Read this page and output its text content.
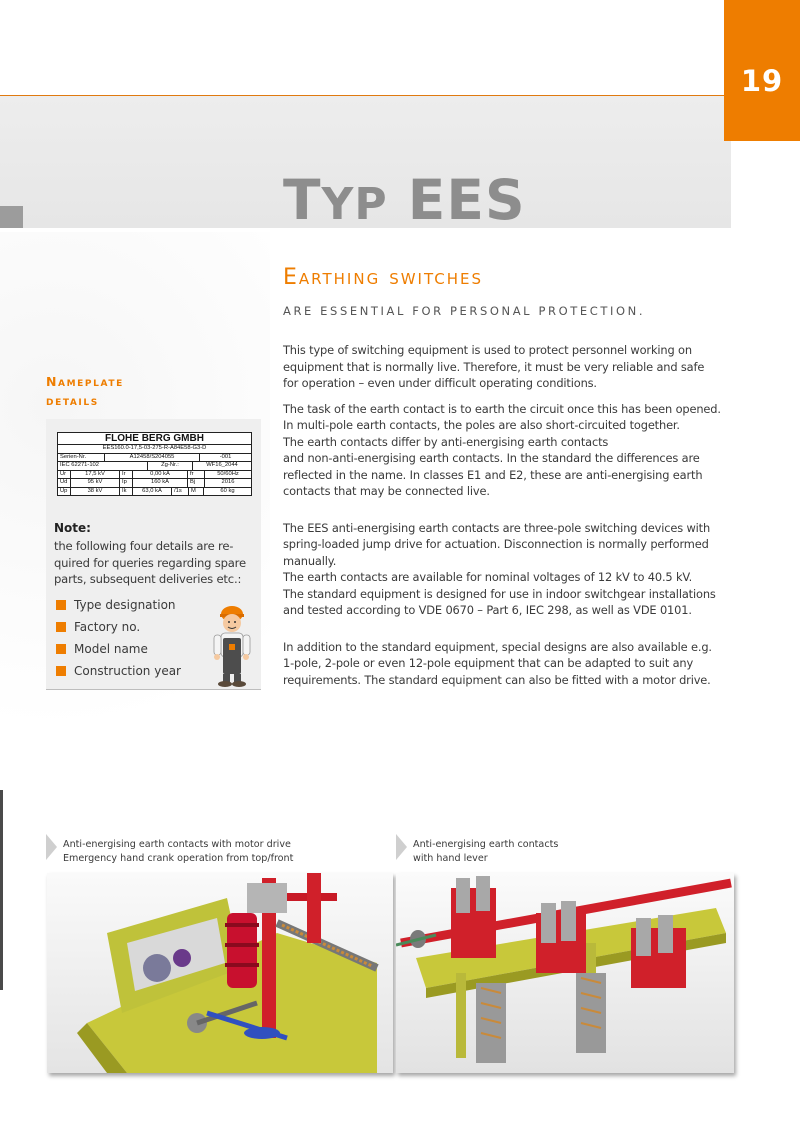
19
TYP EES
Earthing switches

ARE ESSENTIAL FOR PERSONAL PROTECTION.

This type of switching equipment is used to protect personnel working on
equipment that is normally live. Therefore, it must be very reliable and safe
for operation – even under difficult operating conditions.

The task of the earth contact is to earth the circuit once this has been opened.
In multi-pole earth contacts, the poles are also short-circuited together.
The earth contacts differ by anti-energising earth contacts
and non-anti-energising earth contacts. In the standard the differences are
reflected in the name. In classes E1 and E2, these are anti-energising earth
contacts that may be connected live.

The EES anti-energising earth contacts are three-pole switching devices with
spring-loaded jump drive for actuation. Disconnection is normally performed
manually.
The earth contacts are available for nominal voltages of 12 kV to 40.5 kV.
The standard equipment is designed for use in indoor switchgear installations
and tested according to VDE 0670 – Part 6, IEC 298, as well as VDE 0101.

In addition to the standard equipment, special designs are also available e.g.
1-pole, 2-pole or even 12-pole equipment that can be adapted to suit any
requirements. The standard equipment can also be fitted with a motor drive.

Nameplate
details
FLOHE BERG GMBH
EES160.0-17,5-03-275-R-A84E58-G3-D
Serien-Nr.	A12458/S204055	-001
IEC 62271-102	Zg-Nr.:	WF16_2044
Ur	17,5 kV	Ir	0,00 kA	fr	50/60Hz
Ud	95 kV	Ip	160 kA	Bj	2016
Up	38 kV	Ik	63,0 kA	/1s	M	60 kg

Note:

the following four details are re-
quired for queries regarding spare
parts, subsequent deliveries etc.:

Type designation
Factory no.
Model name
Construction year
Anti-energising earth contacts with motor drive
Emergency hand crank operation from top/front
Anti-energising earth contacts
with hand lever
